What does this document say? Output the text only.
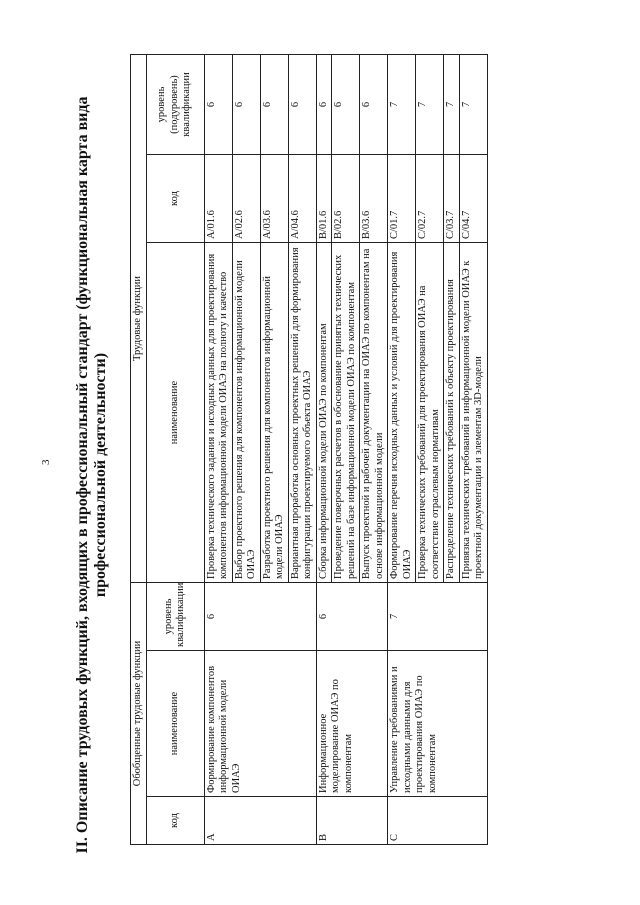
3 II. Описание трудовых функций, входящих в профессиональный стандарт (функциональная карта вида профессиональной деятельности)
Обобщенные трудовые функции			Трудовые функции		
код	наименование	уровень квалификации	наименование	код	уровень (подуровень) квалификации
A	Формирование компонентов информационной модели ОИАЭ	6	Проверка технического задания и исходных данных для проектирования компонентов информационной модели ОИАЭ на полноту и качество	A/01.6	6
			Выбор проектного решения для компонентов информационной модели ОИАЭ	A/02.6	6
			Разработка проектного решения для компонентов информационной модели ОИАЭ	A/03.6	6
			Вариантная проработка основных проектных решений для формирования конфигурации проектируемого объекта ОИАЭ	A/04.6	6
B	Информационное моделирование ОИАЭ по компонентам	6	Сборка информационной модели ОИАЭ по компонентам	B/01.6	6
			Проведение поверочных расчетов в обоснование принятых технических решений на базе информационной модели ОИАЭ по компонентам	B/02.6	6
			Выпуск проектной и рабочей документации на ОИАЭ по компонентам на основе информационной модели	B/03.6	6
C	Управление требованиями и исходными данными для проектирования ОИАЭ по компонентам	7	Формирование перечня исходных данных и условий для проектирования ОИАЭ	C/01.7	7
			Проверка технических требований для проектирования ОИАЭ на соответствие отраслевым нормативам	C/02.7	7
			Распределение технических требований к объекту проектирования	C/03.7	7
			Привязка технических требований в информационной модели ОИАЭ к проектной документации и элементам 3D-модели	C/04.7	7
